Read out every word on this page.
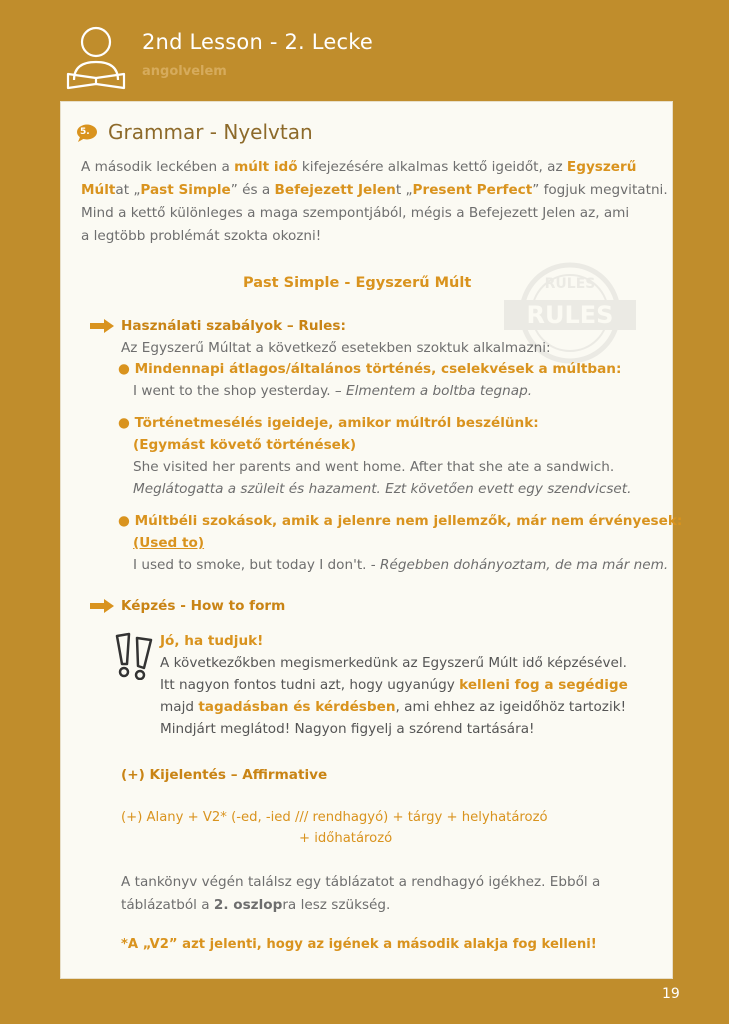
2nd Lesson - 2. Lecke
angolvelem
RULES
RULES
5. Grammar - Nyelvtan
A második leckében a múlt idő kifejezésére alkalmas kettő igeidőt, az Egyszerű
Múltat „Past Simple” és a Befejezett Jelent „Present Perfect” fogjuk megvitatni.
Mind a kettő különleges a maga szempontjából, mégis a Befejezett Jelen az, ami
a legtöbb problémát szokta okozni!
Past Simple - Egyszerű Múlt
Használati szabályok – Rules:
Az Egyszerű Múltat a következő esetekben szoktuk alkalmazni:
● Mindennapi átlagos/általános történés, cselekvések a múltban:
I went to the shop yesterday. – Elmentem a boltba tegnap.
● Történetmesélés igeideje, amikor múltról beszélünk:
(Egymást követő történések)
She visited her parents and went home. After that she ate a sandwich.
Meglátogatta a szüleit és hazament. Ezt követően evett egy szendvicset.
● Múltbéli szokások, amik a jelenre nem jellemzők, már nem érvényesek:
(Used to)
I used to smoke, but today I don't. - Régebben dohányoztam, de ma már nem.
Képzés - How to form
Jó, ha tudjuk!
A következőkben megismerkedünk az Egyszerű Múlt idő képzésével.
Itt nagyon fontos tudni azt, hogy ugyanúgy kelleni fog a segédige
majd tagadásban és kérdésben, ami ehhez az igeidőhöz tartozik!
Mindjárt meglátod! Nagyon figyelj a szórend tartására!
(+) Kijelentés – Affirmative
(+) Alany + V2* (-ed, -ied /// rendhagyó) + tárgy + helyhatározó
+ időhatározó
A tankönyv végén találsz egy táblázatot a rendhagyó igékhez. Ebből a
táblázatból a 2. oszlopra lesz szükség.
*A „V2” azt jelenti, hogy az igének a második alakja fog kelleni!
19
